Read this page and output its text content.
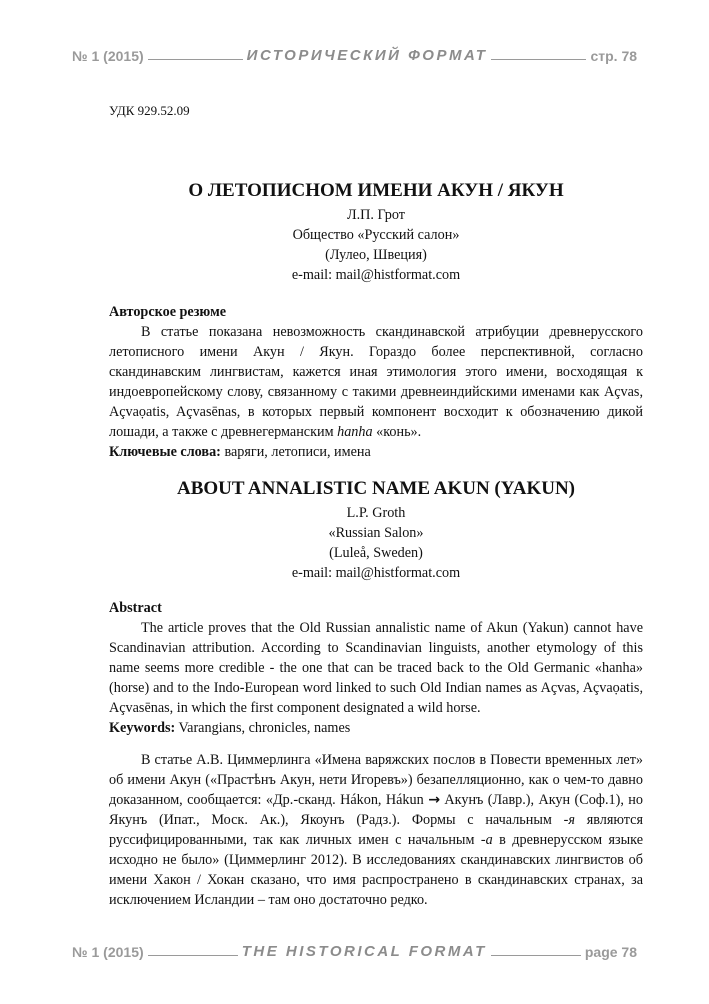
№ 1 (2015)	ИСТОРИЧЕСКИЙ ФОРМАТ	стр. 78
УДК 929.52.09
О ЛЕТОПИСНОМ ИМЕНИ АКУН / ЯКУН
Л.П. Грот
Общество «Русский салон»
(Лулео, Швеция)
e-mail: mail@histformat.com
Авторское резюме
В статье показана невозможность скандинавской атрибуции древнерусского летописного имени Акун / Якун. Гораздо более перспективной, согласно скандинавским лингвистам, кажется иная этимология этого имени, восходящая к индоевропейскому слову, связанному с такими древнеиндийскими именами как Açvas, Açvaọatis, Açvasēnas, в которых первый компонент восходит к обозначению дикой лошади, а также с древнегерманским hanha «конь».
Ключевые слова: варяги, летописи, имена
ABOUT ANNALISTIC NAME AKUN (YAKUN)
L.P. Groth
«Russian Salon»
(Luleå, Sweden)
e-mail: mail@histformat.com
Abstract
The article proves that the Old Russian annalistic name of Akun (Yakun) cannot have Scandinavian attribution. According to Scandinavian linguists, another etymology of this name seems more credible - the one that can be traced back to the Old Germanic «hanha» (horse) and to the Indo-European word linked to such Old Indian names as Açvas, Açvaọatis, Açvasēnas, in which the first component designated a wild horse.
Keywords: Varangians, chronicles, names
В статье А.В. Циммерлинга «Имена варяжских послов в Повести временных лет» об имени Акун («Прастѣнъ Акун, нети Игоревъ») безапелляционно, как о чем-то давно доказанном, сообщается: «Др.-сканд. Hákon, Hákun → Акунъ (Лавр.), Акун (Соф.1), но Якунъ (Ипат., Моск. Ак.), Якоунъ (Радз.). Формы с начальным -я являются руссифицированными, так как личных имен с начальным -а в древнерусском языке исходно не было» (Циммерлинг 2012). В исследованиях скандинавских лингвистов об имени Хакон / Хокан сказано, что имя распространено в скандинавских странах, за исключением Исландии – там оно достаточно редко.
№ 1 (2015)	THE HISTORICAL FORMAT	page 78
